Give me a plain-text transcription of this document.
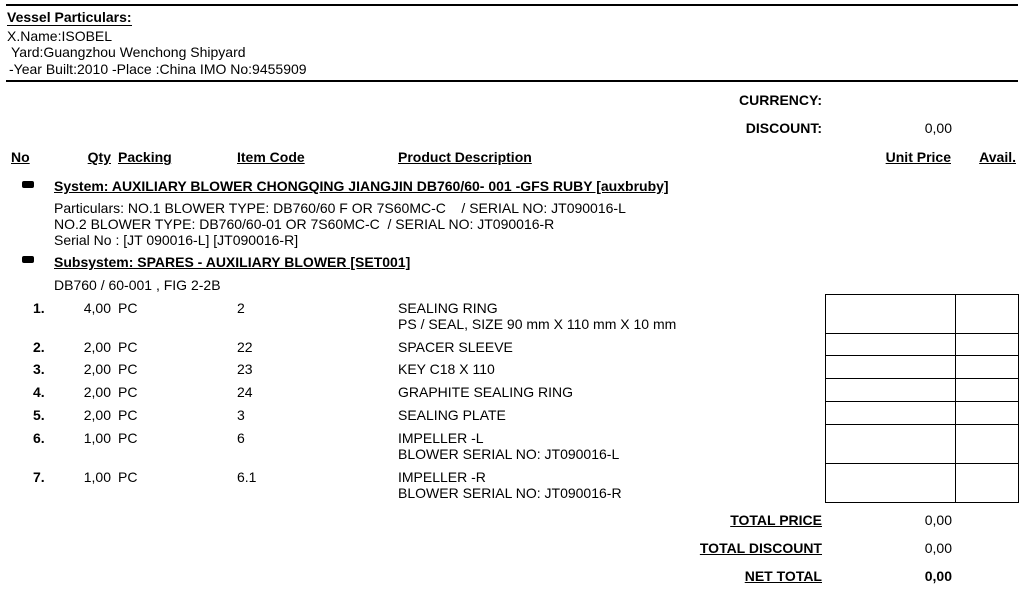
Vessel Particulars:
X.Name:ISOBEL
Yard:Guangzhou Wenchong Shipyard
-Year Built:2010 -Place :China IMO No:9455909
CURRENCY:
DISCOUNT:	0,00
No	Qty Packing	Item Code	Product Description	Unit Price	Avail.
System: AUXILIARY BLOWER CHONGQING JIANGJIN DB760/60- 001 -GFS RUBY [auxbruby]
Particulars: NO.1 BLOWER TYPE: DB760/60 F OR 7S60MC-C    / SERIAL NO: JT090016-L
NO.2 BLOWER TYPE: DB760/60-01 OR 7S60MC-C  / SERIAL NO: JT090016-R
Serial No : [JT 090016-L] [JT090016-R]
Subsystem: SPARES - AUXILIARY BLOWER [SET001]
DB760 / 60-001 , FIG 2-2B
1.	4,00 PC	2	SEALING RING
PS / SEAL, SIZE 90 mm X 110 mm X 10 mm
2.	2,00 PC	22	SPACER SLEEVE
3.	2,00 PC	23	KEY C18 X 110
4.	2,00 PC	24	GRAPHITE SEALING RING
5.	2,00 PC	3	SEALING PLATE
6.	1,00 PC	6	IMPELLER -L
BLOWER SERIAL NO: JT090016-L
7.	1,00 PC	6.1	IMPELLER -R
BLOWER SERIAL NO: JT090016-R
TOTAL PRICE	0,00
TOTAL DISCOUNT	0,00
NET TOTAL	0,00
